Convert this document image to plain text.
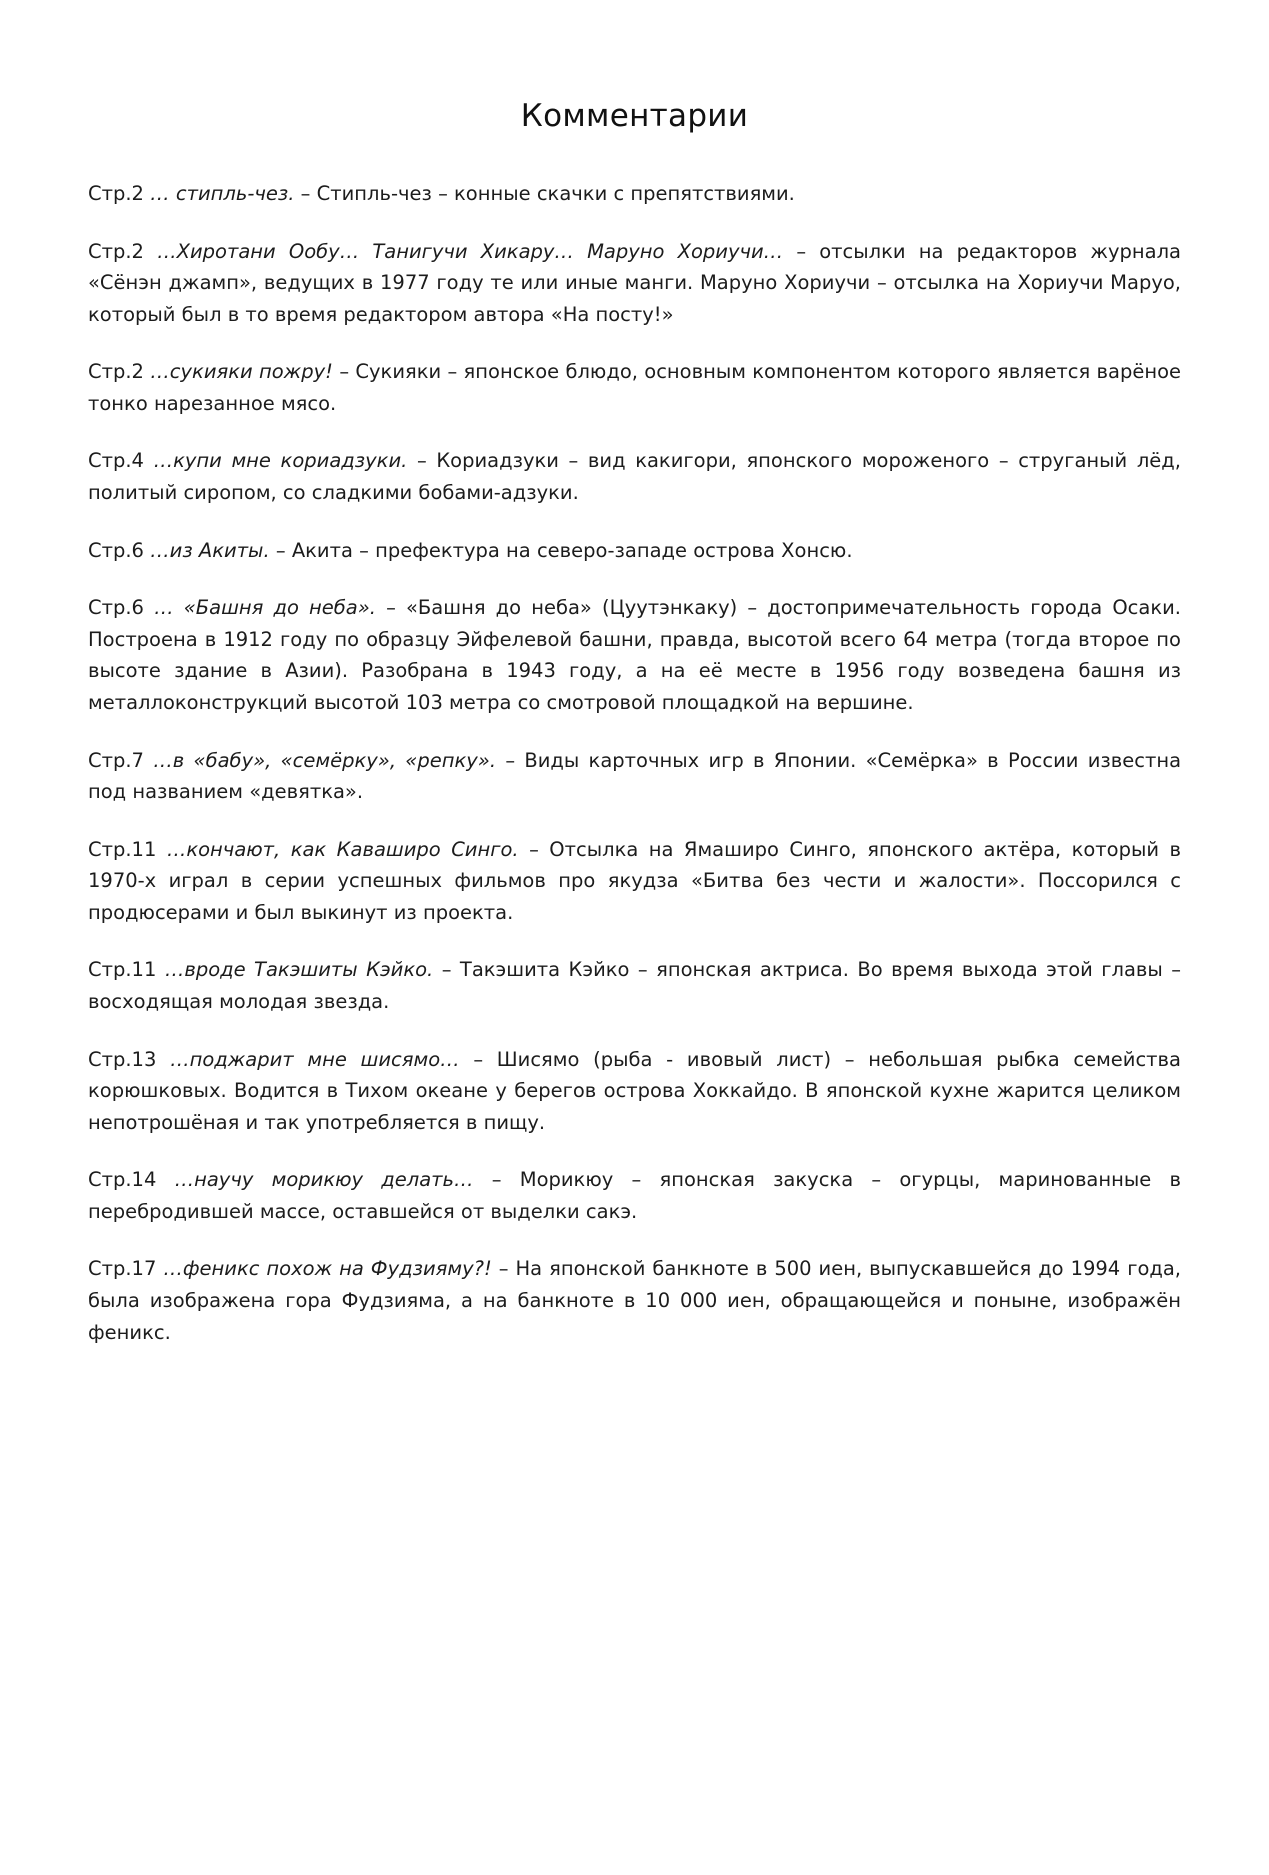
Комментарии

Стр.2 … стипль-чез. – Стипль-чез – конные скачки с препятствиями.

Стр.2 …Хиротани Ообу… Танигучи Хикару… Маруно Хориучи… – отсылки на редакторов журнала «Сёнэн джамп», ведущих в 1977 году те или иные манги. Маруно Хориучи – отсылка на Хориучи Маруо, который был в то время редактором автора «На посту!»

Стр.2 …сукияки пожру! – Сукияки – японское блюдо, основным компонентом которого является варёное тонко нарезанное мясо.

Стр.4 …купи мне кориадзуки. – Кориадзуки – вид какигори, японского мороженого – струганый лёд, политый сиропом, со сладкими бобами-адзуки.

Стр.6 …из Акиты. – Акита – префектура на северо-западе острова Хонсю.

Стр.6 … «Башня до неба». – «Башня до неба» (Цуутэнкаку) – достопримечательность города Осаки. Построена в 1912 году по образцу Эйфелевой башни, правда, высотой всего 64 метра (тогда второе по высоте здание в Азии). Разобрана в 1943 году, а на её месте в 1956 году возведена башня из металлоконструкций высотой 103 метра со смотровой площадкой на вершине.

Стр.7 …в «бабу», «семёрку», «репку». – Виды карточных игр в Японии. «Семёрка» в России известна под названием «девятка».

Стр.11 …кончают, как Каваширо Синго. – Отсылка на Ямаширо Синго, японского актёра, который в 1970-х играл в серии успешных фильмов про якудза «Битва без чести и жалости». Поссорился с продюсерами и был выкинут из проекта.

Стр.11 …вроде Такэшиты Кэйко. – Такэшита Кэйко – японская актриса. Во время выхода этой главы – восходящая молодая звезда.

Стр.13 …поджарит мне шисямо… – Шисямо (рыба - ивовый лист) – небольшая рыбка семейства корюшковых. Водится в Тихом океане у берегов острова Хоккайдо. В японской кухне жарится целиком непотрошёная и так употребляется в пищу.

Стр.14 …научу морикюу делать… – Морикюу – японская закуска – огурцы, маринованные в перебродившей массе, оставшейся от выделки сакэ.

Стр.17 …феникс похож на Фудзияму?! – На японской банкноте в 500 иен, выпускавшейся до 1994 года, была изображена гора Фудзияма, а на банкноте в 10 000 иен, обращающейся и поныне, изображён феникс.
